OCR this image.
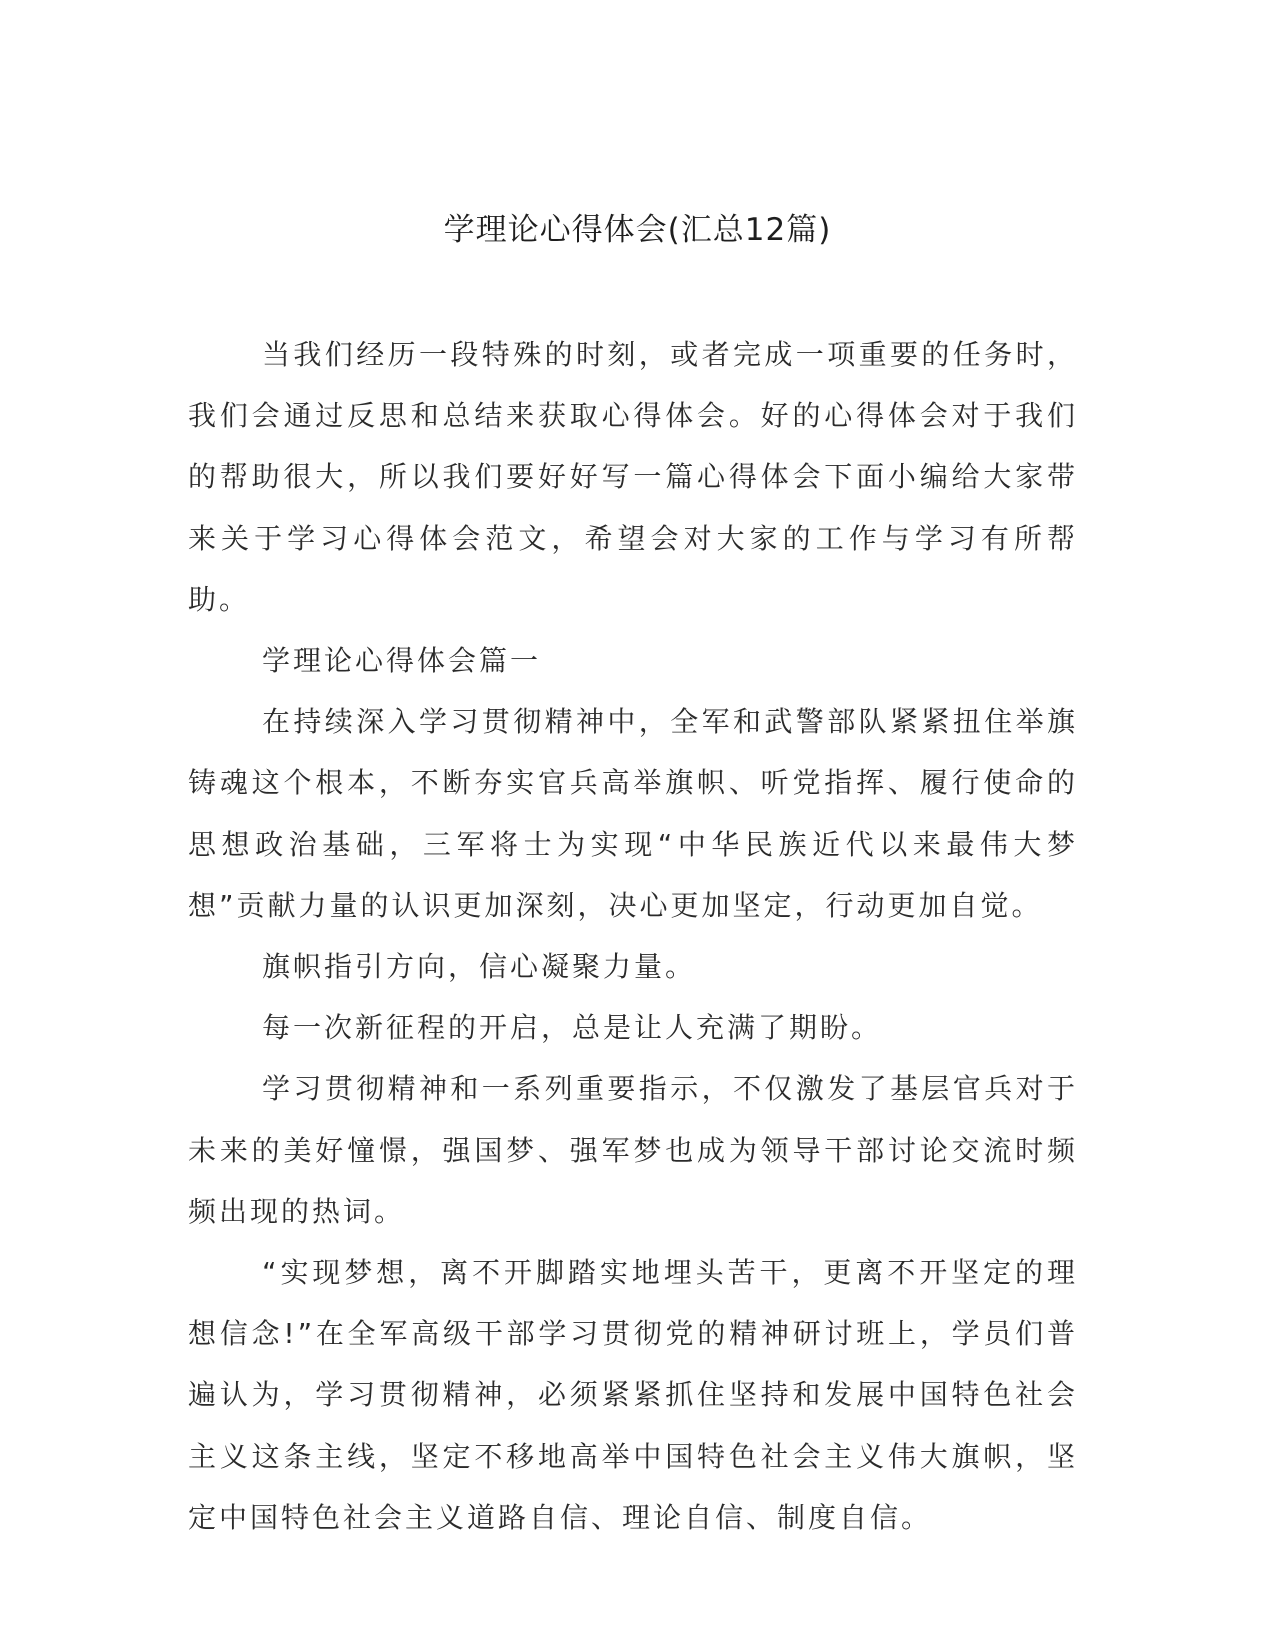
学理论心得体会(汇总12篇)

当我们经历一段特殊的时刻，或者完成一项重要的任务时，我们会通过反思和总结来获取心得体会。好的心得体会对于我们的帮助很大，所以我们要好好写一篇心得体会下面小编给大家带来关于学习心得体会范文，希望会对大家的工作与学习有所帮助。

学理论心得体会篇一

在持续深入学习贯彻精神中，全军和武警部队紧紧扭住举旗铸魂这个根本，不断夯实官兵高举旗帜、听党指挥、履行使命的思想政治基础，三军将士为实现“中华民族近代以来最伟大梦想”贡献力量的认识更加深刻，决心更加坚定，行动更加自觉。

旗帜指引方向，信心凝聚力量。

每一次新征程的开启，总是让人充满了期盼。

学习贯彻精神和一系列重要指示，不仅激发了基层官兵对于未来的美好憧憬，强国梦、强军梦也成为领导干部讨论交流时频频出现的热词。

“实现梦想，离不开脚踏实地埋头苦干，更离不开坚定的理想信念!”在全军高级干部学习贯彻党的精神研讨班上，学员们普遍认为，学习贯彻精神，必须紧紧抓住坚持和发展中国特色社会主义这条主线，坚定不移地高举中国特色社会主义伟大旗帜，坚定中国特色社会主义道路自信、理论自信、制度自信。
